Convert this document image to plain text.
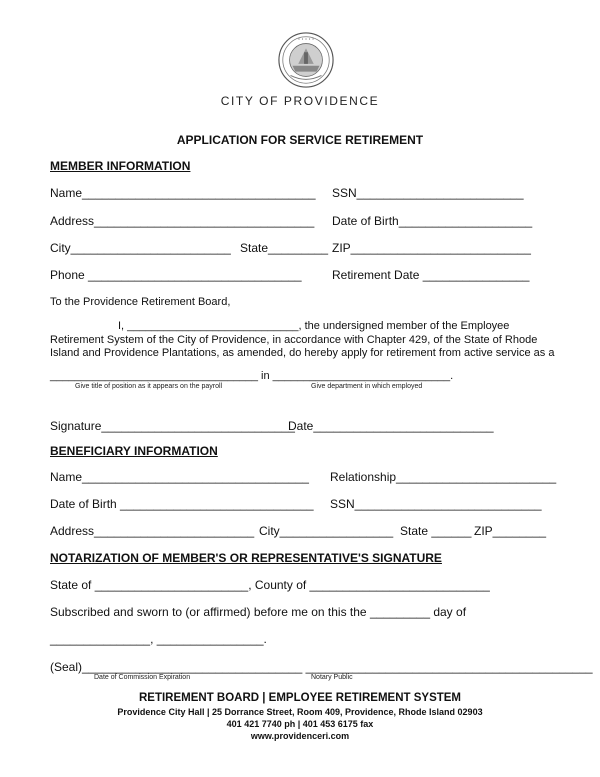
• • • • •
CITY OF PROVIDENCE
APPLICATION FOR SERVICE RETIREMENT
MEMBER INFORMATION
Name___________________________________ SSN_________________________
Address_________________________________ Date of Birth____________________
City________________________ State_________ ZIP___________________________
Phone ________________________________	Retirement Date ________________
To the Providence Retirement Board,
I, ____________________________, the undersigned member of the Employee Retirement System of the City of Providence, in accordance with Chapter 429, of the State of Rhode Island and Providence Plantations, as amended, do hereby apply for retirement from active service as a
__________________________________ in _____________________________.
Give title of position as it appears on the payroll	Give department in which employed
Signature_____________________________
Date___________________________
BENEFICIARY INFORMATION
Name__________________________________ Relationship________________________
Date of Birth _____________________________ SSN____________________________
Address________________________ City_________________ State ______ ZIP________
NOTARIZATION OF MEMBER'S OR REPRESENTATIVE'S SIGNATURE
State of _______________________, County of ___________________________
Subscribed and sworn to (or affirmed) before me on this the _________ day of
_______________, ________________.
(Seal)_________________________________ ___________________________________________
Date of Commission Expiration	Notary Public
RETIREMENT BOARD | EMPLOYEE RETIREMENT SYSTEM
Providence City Hall | 25 Dorrance Street, Room 409, Providence, Rhode Island 02903
401 421 7740 ph | 401 453 6175 fax
www.providenceri.com
